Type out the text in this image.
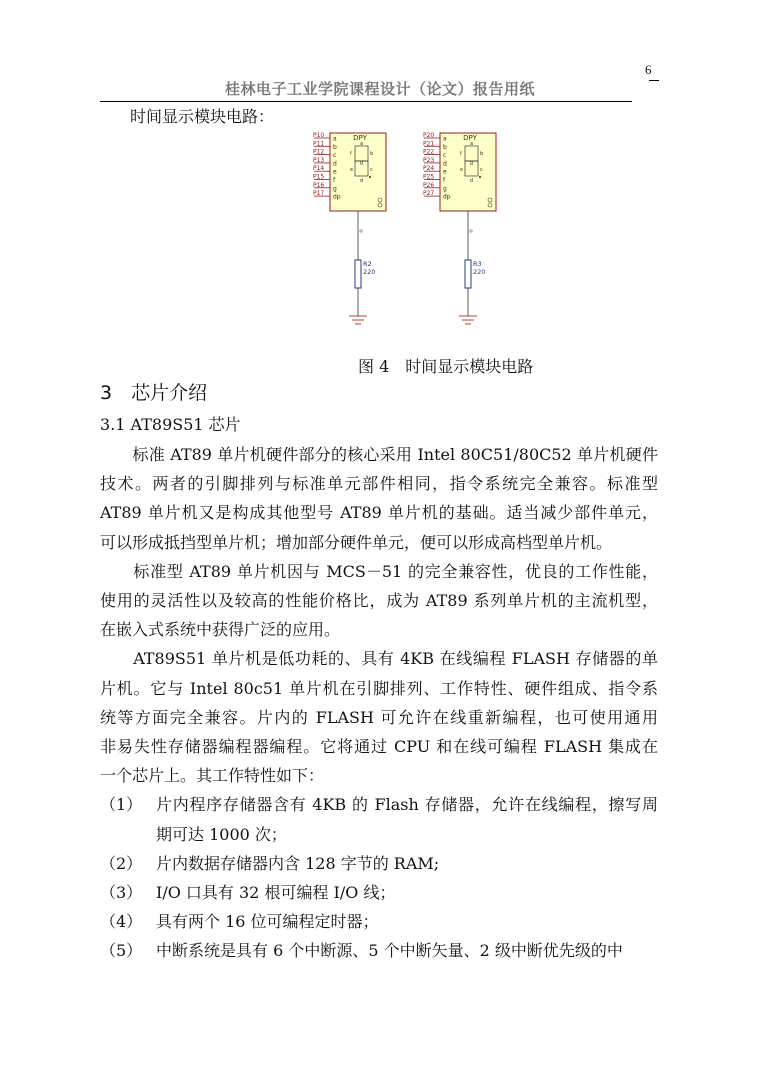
6
桂林电子工业学院课程设计（论文）报告用纸
时间显示模块电路：
DPY
P10 a
P11 b
P12 c
P13 d
P14 e
P15 f
P16 g
P17 dp
a
f	b
g
e	c
d
R2
220
DPY
P20 a
P21 b
P22 c
P23 d
P24 e
P25 f
P26 g
P27 dp
a
f	b
g
e	c
d
R3
220
图 4　时间显示模块电路
3　芯片介绍
3.1 AT89S51 芯片
　　标准 AT89 单片机硬件部分的核心采用 Intel 80C51/80C52 单片机硬件
技术。两者的引脚排列与标准单元部件相同，指令系统完全兼容。标准型
AT89 单片机又是构成其他型号 AT89 单片机的基础。适当减少部件单元，
可以形成抵挡型单片机；增加部分硬件单元，便可以形成高档型单片机。
　　标准型 AT89 单片机因与 MCS－51 的完全兼容性，优良的工作性能，
使用的灵活性以及较高的性能价格比，成为 AT89 系列单片机的主流机型，
在嵌入式系统中获得广泛的应用。
　　AT89S51 单片机是低功耗的、具有 4KB 在线编程 FLASH 存储器的单
片机。它与 Intel 80c51 单片机在引脚排列、工作特性、硬件组成、指令系
统等方面完全兼容。片内的 FLASH 可允许在线重新编程，也可使用通用
非易失性存储器编程器编程。它将通过 CPU 和在线可编程 FLASH 集成在
一个芯片上。其工作特性如下：
（1） 片内程序存储器含有 4KB 的 Flash 存储器，允许在线编程，擦写周
期可达 1000 次；
（2） 片内数据存储器内含 128 字节的 RAM;
（3） I/O 口具有 32 根可编程 I/O 线；
（4） 具有两个 16 位可编程定时器；
（5） 中断系统是具有 6 个中断源、5 个中断矢量、2 级中断优先级的中
